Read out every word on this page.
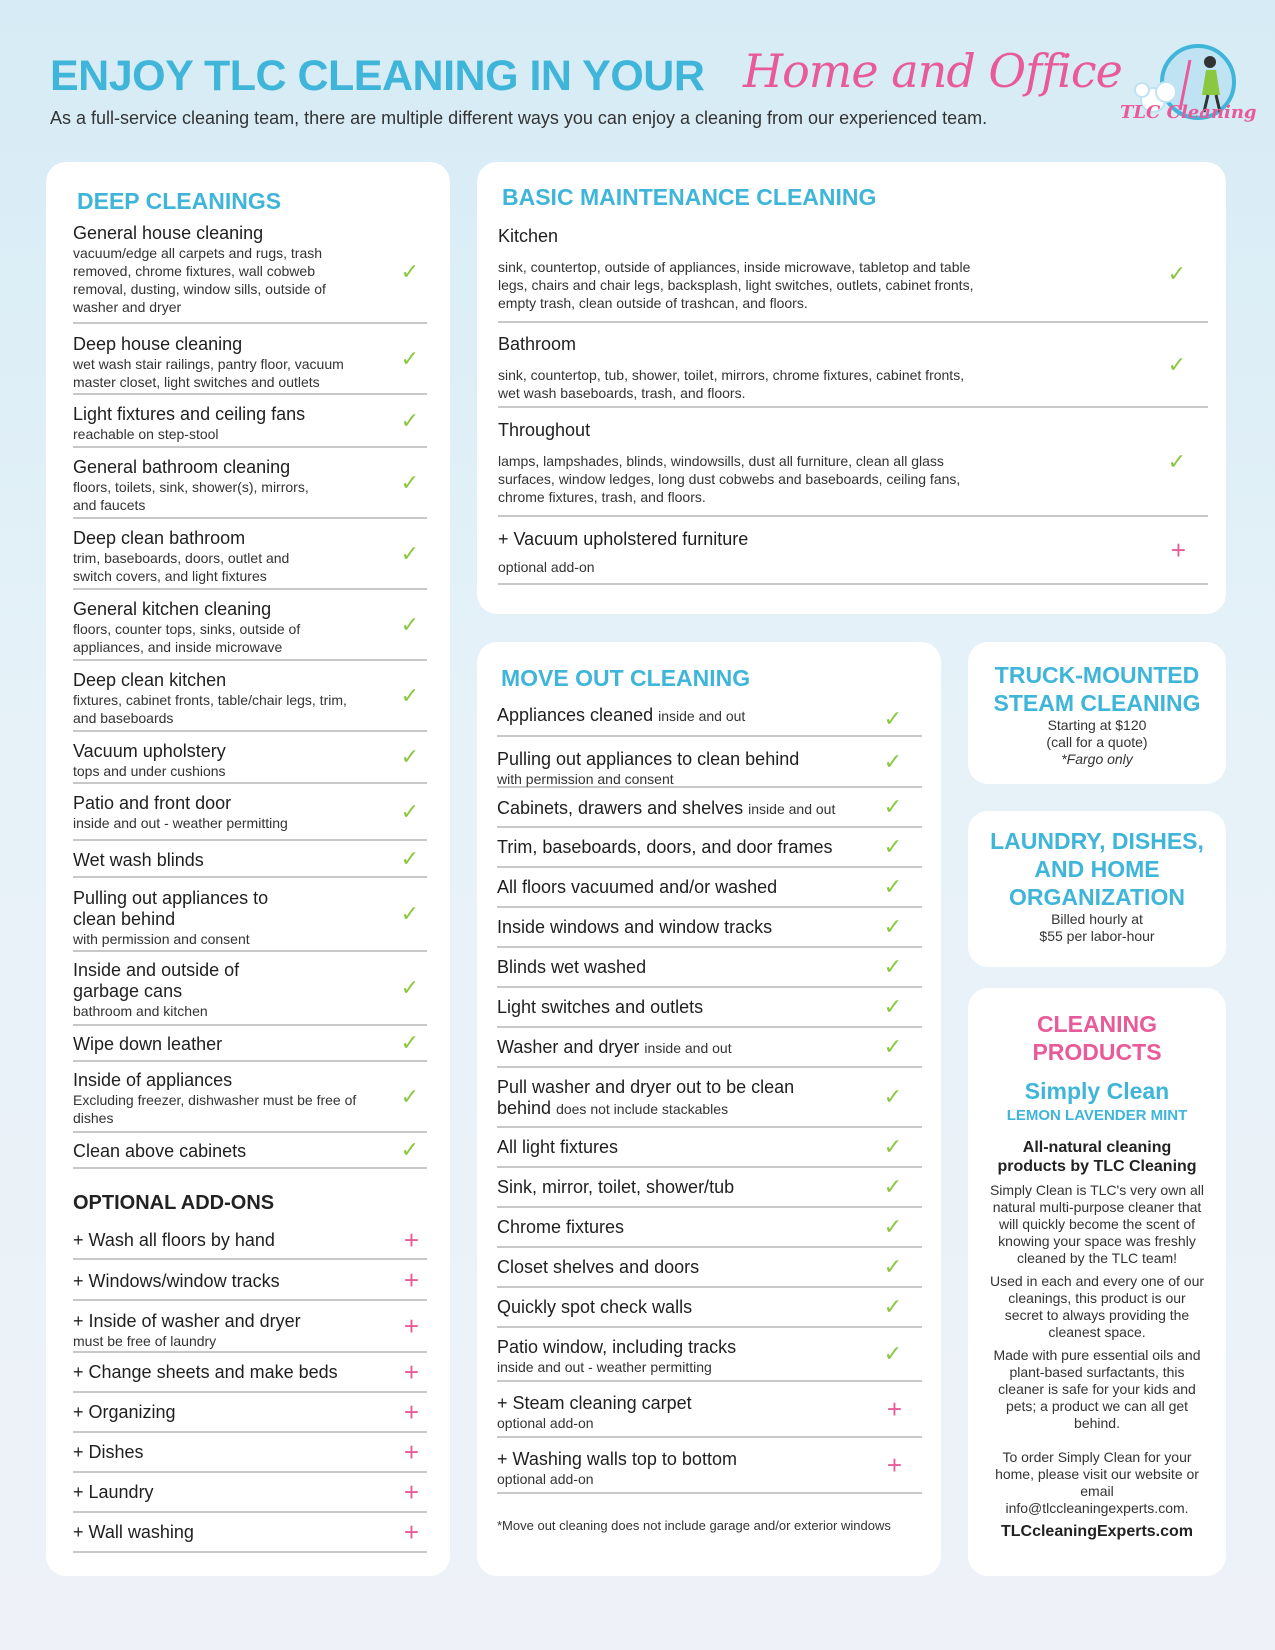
ENJOY TLC CLEANING IN YOUR Home and Office
As a full-service cleaning team, there are multiple different ways you can enjoy a cleaning from our experienced team.	TLC Cleaning
DEEP CLEANINGS
General house cleaning
vacuum/edge all carpets and rugs, trash removed, chrome fixtures, wall cobweb removal, dusting, window sills, outside of washer and dryer
✓
Deep house cleaning
wet wash stair railings, pantry floor, vacuum master closet, light switches and outlets
✓
Light fixtures and ceiling fans
reachable on step-stool
✓
General bathroom cleaning
floors, toilets, sink, shower(s), mirrors, and faucets
✓
Deep clean bathroom
trim, baseboards, doors, outlet and switch covers, and light fixtures
✓
General kitchen cleaning
floors, counter tops, sinks, outside of appliances, and inside microwave
✓
Deep clean kitchen
fixtures, cabinet fronts, table/chair legs, trim, and baseboards
✓
Vacuum upholstery
tops and under cushions
✓
Patio and front door
inside and out - weather permitting	✓
Wet wash blinds	✓
Pulling out appliances to clean behind
with permission and consent
✓
Inside and outside of garbage cans
bathroom and kitchen
✓
Wipe down leather	✓
Inside of appliances
Excluding freezer, dishwasher must be free of dishes
✓
Clean above cabinets	✓
OPTIONAL ADD-ONS
+ Wash all floors by hand	+
+ Windows/window tracks	+
+ Inside of washer and dryer
must be free of laundry	+
+ Change sheets and make beds	+
+ Organizing	+
+ Dishes	+
+ Laundry	+
+ Wall washing	+
BASIC MAINTENANCE CLEANING
Kitchen
sink, countertop, outside of appliances, inside microwave, tabletop and table legs, chairs and chair legs, backsplash, light switches, outlets, cabinet fronts, empty trash, clean outside of trashcan, and floors.
✓
Bathroom
sink, countertop, tub, shower, toilet, mirrors, chrome fixtures, cabinet fronts, wet wash baseboards, trash, and floors.
✓
Throughout
lamps, lampshades, blinds, windowsills, dust all furniture, clean all glass surfaces, window ledges, long dust cobwebs and baseboards, ceiling fans, chrome fixtures, trash, and floors.
✓
+ Vacuum upholstered furniture
optional add-on
+
MOVE OUT CLEANING
Appliances cleaned inside and out	✓
Pulling out appliances to clean behind
with permission and consent
✓
Cabinets, drawers and shelves inside and out	✓
Trim, baseboards, doors, and door frames	✓
All floors vacuumed and/or washed	✓
Inside windows and window tracks	✓
Blinds wet washed	✓
Light switches and outlets	✓
Washer and dryer inside and out	✓
Pull washer and dryer out to be clean behind does not include stackables	✓
All light fixtures	✓
Sink, mirror, toilet, shower/tub	✓
Chrome fixtures	✓
Closet shelves and doors	✓
Quickly spot check walls	✓
Patio window, including tracks
inside and out - weather permitting
✓
+ Steam cleaning carpet
optional add-on	+
+ Washing walls top to bottom
optional add-on	+
*Move out cleaning does not include garage and/or exterior windows
TRUCK-MOUNTED
STEAM CLEANING
Starting at $120
(call for a quote)
*Fargo only
LAUNDRY, DISHES,
AND HOME
ORGANIZATION
Billed hourly at
$55 per labor-hour
CLEANING
PRODUCTS
Simply Clean
LEMON LAVENDER MINT
All-natural cleaning
products by TLC Cleaning
Simply Clean is TLC's very own all natural multi-purpose cleaner that will quickly become the scent of knowing your space was freshly cleaned by the TLC team!
Used in each and every one of our cleanings, this product is our secret to always providing the cleanest space.
Made with pure essential oils and plant-based surfactants, this cleaner is safe for your kids and pets; a product we can all get behind.
To order Simply Clean for your home, please visit our website or email info@tlccleaningexperts.com.
TLCcleaningExperts.com
